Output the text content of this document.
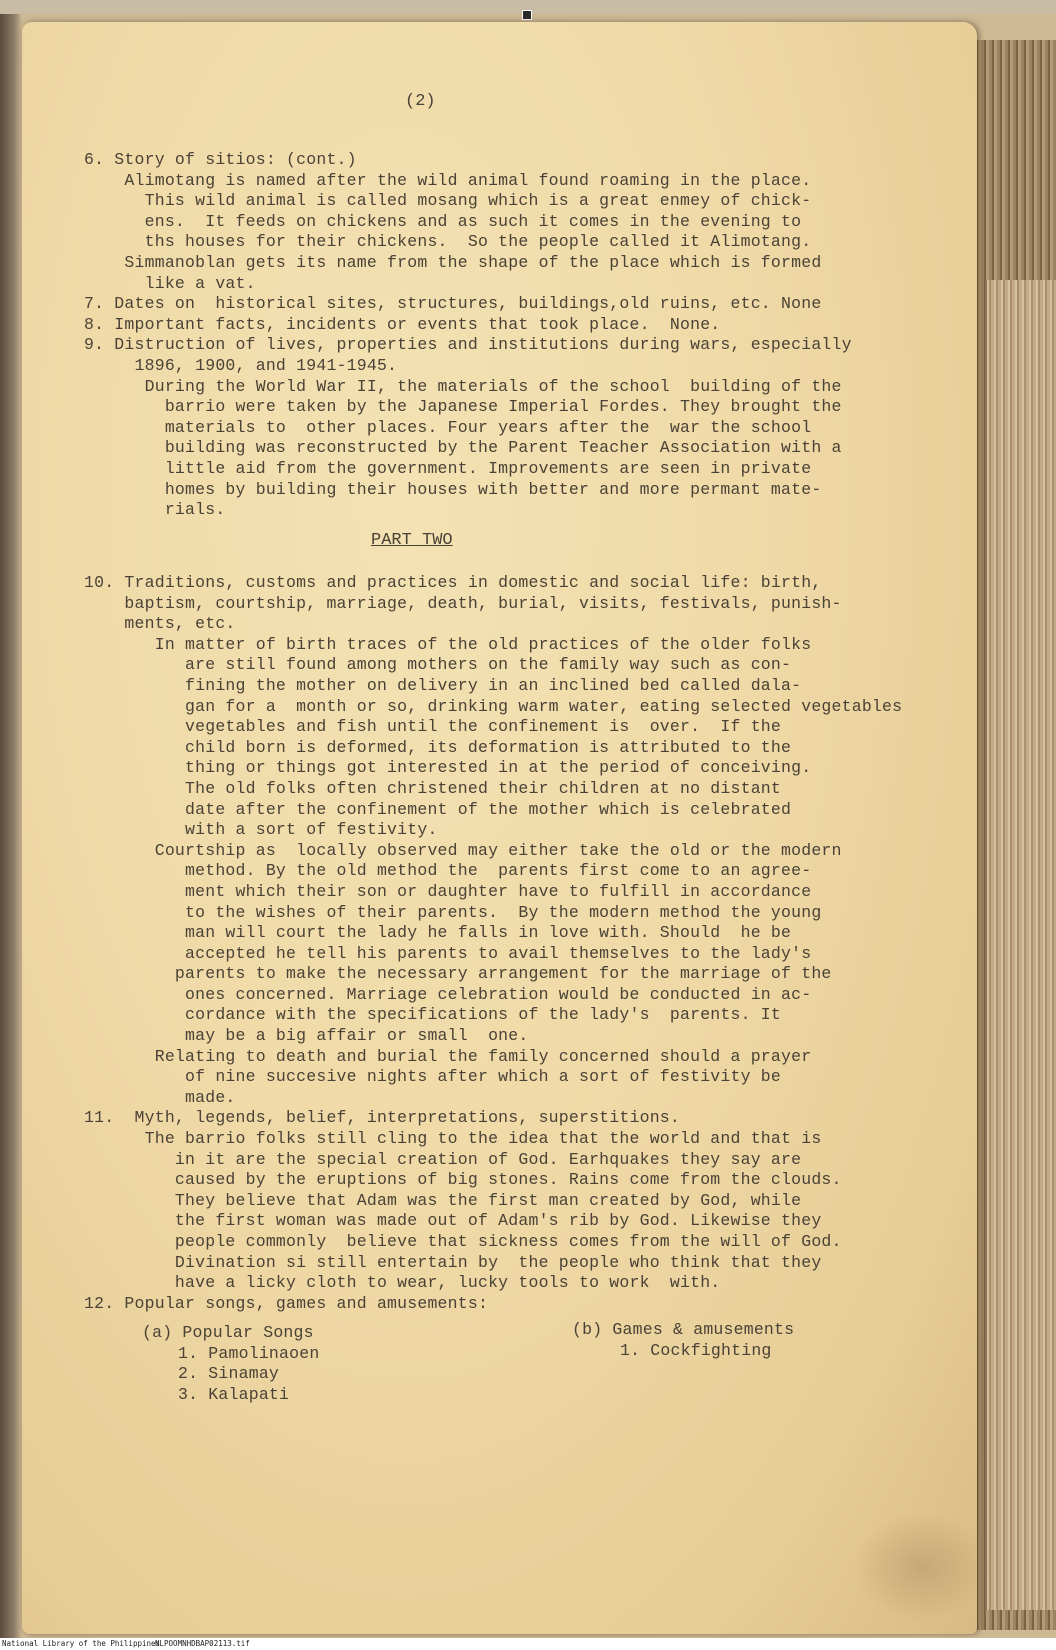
(2)
6. Story of sitios: (cont.)
Alimotang is named after the wild animal found roaming in the place.
This wild animal is called mosang which is a great enmey of chick-
ens.  It feeds on chickens and as such it comes in the evening to
ths houses for their chickens.  So the people called it Alimotang.
Simmanoblan gets its name from the shape of the place which is formed
like a vat.
7. Dates on  historical sites, structures, buildings,old ruins, etc. None
8. Important facts, incidents or events that took place.  None.
9. Distruction of lives, properties and institutions during wars, especially
1896, 1900, and 1941-1945.
During the World War II, the materials of the school  building of the
barrio were taken by the Japanese Imperial Fordes. They brought the
materials to  other places. Four years after the  war the school
building was reconstructed by the Parent Teacher Association with a
little aid from the government. Improvements are seen in private
homes by building their houses with better and more permant mate-
rials.
PART TWO
10. Traditions, customs and practices in domestic and social life: birth,
baptism, courtship, marriage, death, burial, visits, festivals, punish-
ments, etc.
In matter of birth traces of the old practices of the older folks
are still found among mothers on the family way such as con-
fining the mother on delivery in an inclined bed called dala-
gan for a  month or so, drinking warm water, eating selected vegetables
vegetables and fish until the confinement is  over.  If the
child born is deformed, its deformation is attributed to the
thing or things got interested in at the period of conceiving.
The old folks often christened their children at no distant
date after the confinement of the mother which is celebrated
with a sort of festivity.
Courtship as  locally observed may either take the old or the modern
method. By the old method the  parents first come to an agree-
ment which their son or daughter have to fulfill in accordance
to the wishes of their parents.  By the modern method the young
man will court the lady he falls in love with. Should  he be
accepted he tell his parents to avail themselves to the lady's
parents to make the necessary arrangement for the marriage of the
ones concerned. Marriage celebration would be conducted in ac-
cordance with the specifications of the lady's  parents. It
may be a big affair or small  one.
Relating to death and burial the family concerned should a prayer
of nine succesive nights after which a sort of festivity be
made.
11.  Myth, legends, belief, interpretations, superstitions.
The barrio folks still cling to the idea that the world and that is
in it are the special creation of God. Earhquakes they say are
caused by the eruptions of big stones. Rains come from the clouds.
They believe that Adam was the first man created by God, while
the first woman was made out of Adam's rib by God. Likewise they
people commonly  believe that sickness comes from the will of God.
Divination si still entertain by  the people who think that they
have a licky cloth to wear, lucky tools to work  with.
12. Popular songs, games and amusements:
(a) Popular Songs
1. Pamolinaoen
2. Sinamay
3. Kalapati
(b) Games & amusements
1. Cockfighting
National Library of the Philippines
NLPOOMNHDBAP02113.tif
